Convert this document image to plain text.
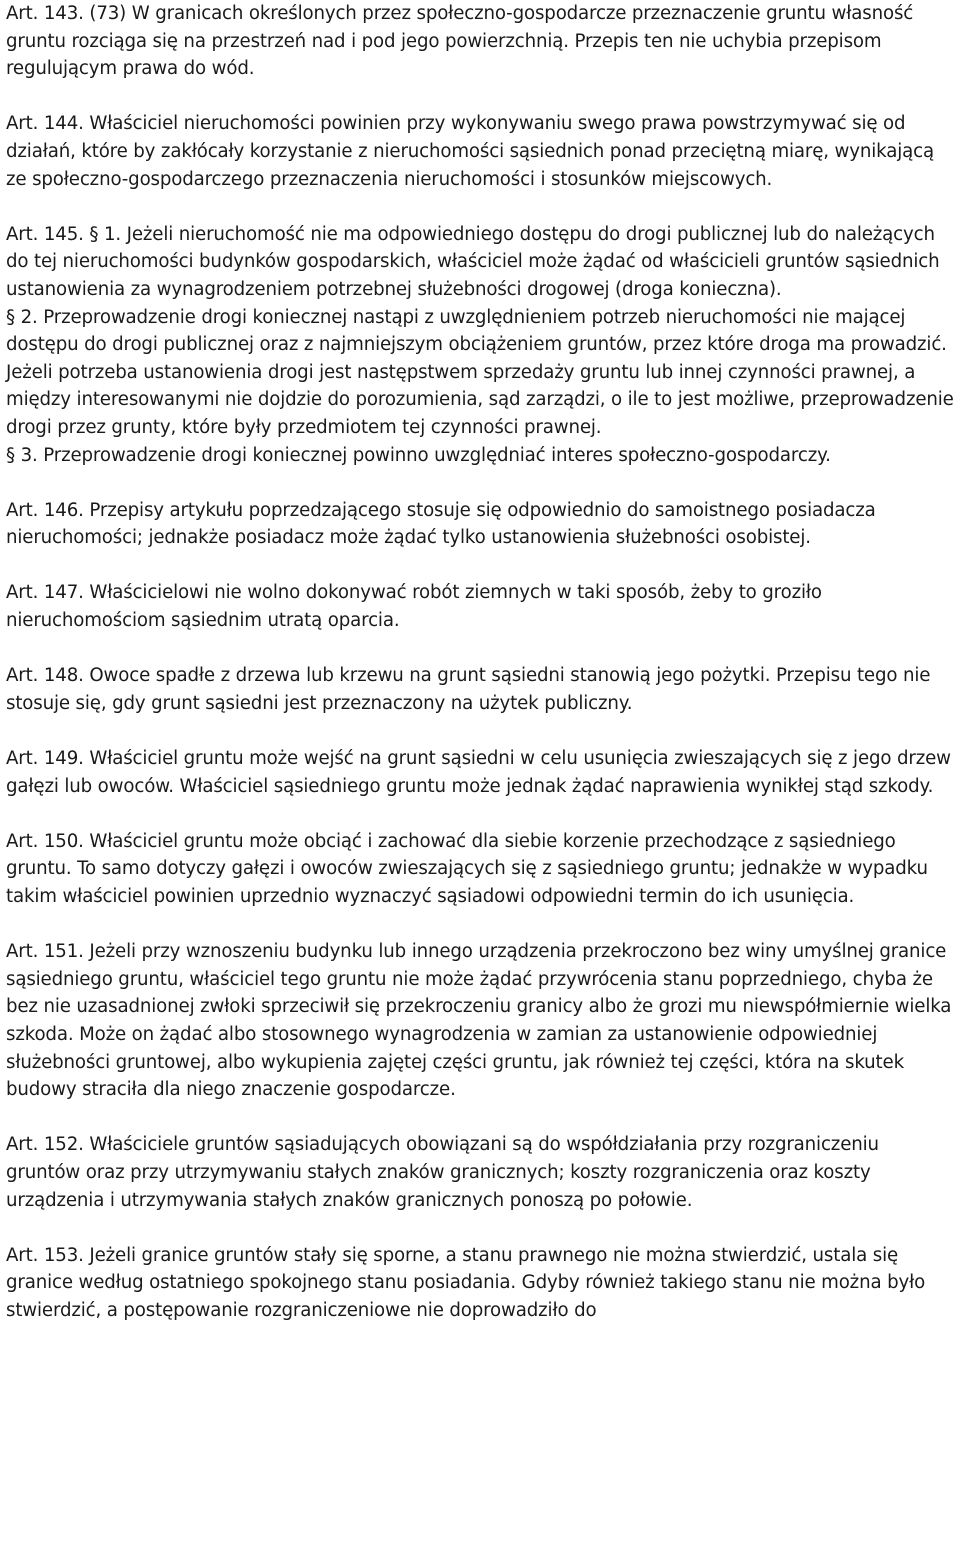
Art. 143. (73) W granicach określonych przez społeczno-gospodarcze przeznaczenie gruntu własność gruntu rozciąga się na przestrzeń nad i pod jego powierzchnią. Przepis ten nie uchybia przepisom regulującym prawa do wód.

Art. 144. Właściciel nieruchomości powinien przy wykonywaniu swego prawa powstrzymywać się od działań, które by zakłócały korzystanie z nieruchomości sąsiednich ponad przeciętną miarę, wynikającą ze społeczno-gospodarczego przeznaczenia nieruchomości i stosunków miejscowych.

Art. 145. § 1. Jeżeli nieruchomość nie ma odpowiedniego dostępu do drogi publicznej lub do należących do tej nieruchomości budynków gospodarskich, właściciel może żądać od właścicieli gruntów sąsiednich ustanowienia za wynagrodzeniem potrzebnej służebności drogowej (droga konieczna).

§ 2. Przeprowadzenie drogi koniecznej nastąpi z uwzględnieniem potrzeb nieruchomości nie mającej dostępu do drogi publicznej oraz z najmniejszym obciążeniem gruntów, przez które droga ma prowadzić. Jeżeli potrzeba ustanowienia drogi jest następstwem sprzedaży gruntu lub innej czynności prawnej, a między interesowanymi nie dojdzie do porozumienia, sąd zarządzi, o ile to jest możliwe, przeprowadzenie drogi przez grunty, które były przedmiotem tej czynności prawnej.

§ 3. Przeprowadzenie drogi koniecznej powinno uwzględniać interes społeczno-gospodarczy.

Art. 146. Przepisy artykułu poprzedzającego stosuje się odpowiednio do samoistnego posiadacza nieruchomości; jednakże posiadacz może żądać tylko ustanowienia służebności osobistej.

Art. 147. Właścicielowi nie wolno dokonywać robót ziemnych w taki sposób, żeby to groziło nieruchomościom sąsiednim utratą oparcia.

Art. 148. Owoce spadłe z drzewa lub krzewu na grunt sąsiedni stanowią jego pożytki. Przepisu tego nie stosuje się, gdy grunt sąsiedni jest przeznaczony na użytek publiczny.

Art. 149. Właściciel gruntu może wejść na grunt sąsiedni w celu usunięcia zwieszających się z jego drzew gałęzi lub owoców. Właściciel sąsiedniego gruntu może jednak żądać naprawienia wynikłej stąd szkody.

Art. 150. Właściciel gruntu może obciąć i zachować dla siebie korzenie przechodzące z sąsiedniego gruntu. To samo dotyczy gałęzi i owoców zwieszających się z sąsiedniego gruntu; jednakże w wypadku takim właściciel powinien uprzednio wyznaczyć sąsiadowi odpowiedni termin do ich usunięcia.

Art. 151. Jeżeli przy wznoszeniu budynku lub innego urządzenia przekroczono bez winy umyślnej granice sąsiedniego gruntu, właściciel tego gruntu nie może żądać przywrócenia stanu poprzedniego, chyba że bez nie uzasadnionej zwłoki sprzeciwił się przekroczeniu granicy albo że grozi mu niewspółmiernie wielka szkoda. Może on żądać albo stosownego wynagrodzenia w zamian za ustanowienie odpowiedniej służebności gruntowej, albo wykupienia zajętej części gruntu, jak również tej części, która na skutek budowy straciła dla niego znaczenie gospodarcze.

Art. 152. Właściciele gruntów sąsiadujących obowiązani są do współdziałania przy rozgraniczeniu gruntów oraz przy utrzymywaniu stałych znaków granicznych; koszty rozgraniczenia oraz koszty urządzenia i utrzymywania stałych znaków granicznych ponoszą po połowie.

Art. 153. Jeżeli granice gruntów stały się sporne, a stanu prawnego nie można stwierdzić, ustala się granice według ostatniego spokojnego stanu posiadania. Gdyby również takiego stanu nie można było stwierdzić, a postępowanie rozgraniczeniowe nie doprowadziło do
